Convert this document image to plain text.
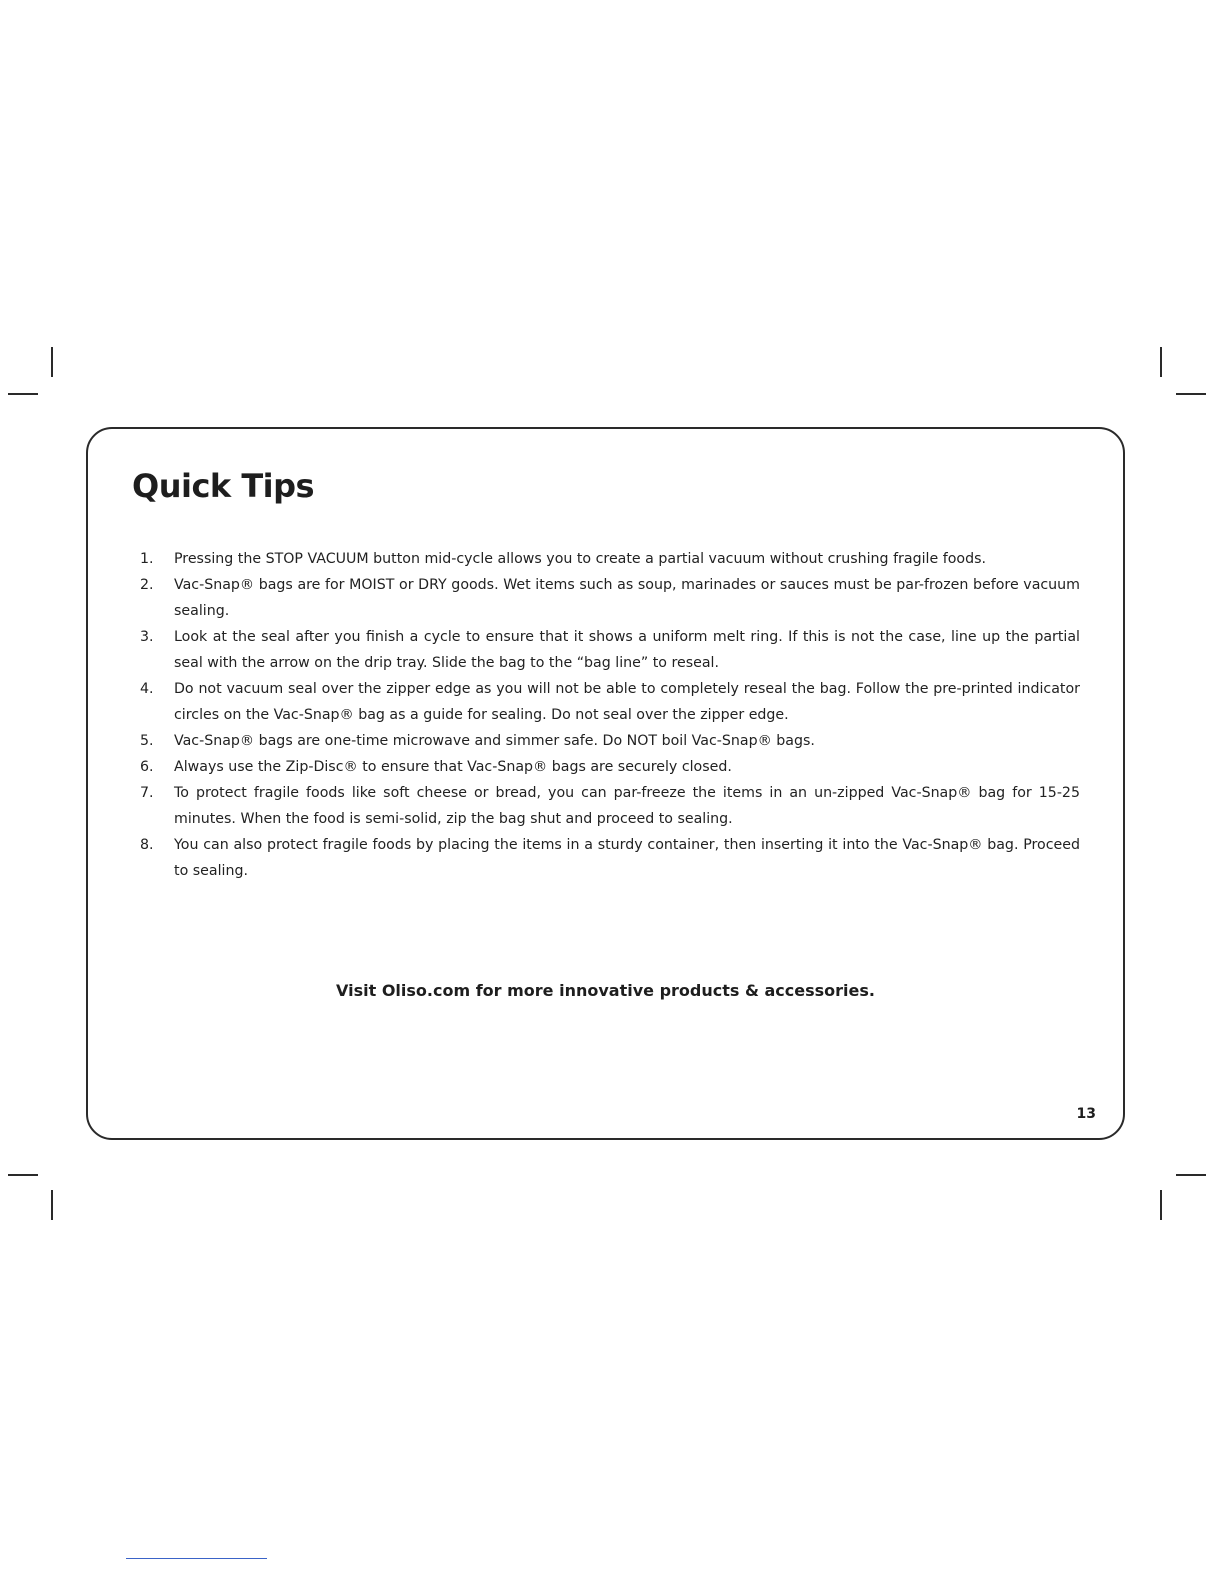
Quick Tips
1.	Pressing the STOP VACUUM button mid-cycle allows you to create a partial vacuum without crushing fragile foods.
2.	Vac-Snap® bags are for MOIST or DRY goods. Wet items such as soup, marinades or sauces must be par-frozen before vacuum sealing.
3.	Look at the seal after you finish a cycle to ensure that it shows a uniform melt ring. If this is not the case, line up the partial seal with the arrow on the drip tray. Slide the bag to the “bag line” to reseal.
4.	Do not vacuum seal over the zipper edge as you will not be able to completely reseal the bag. Follow the pre-printed indicator circles on the Vac-Snap® bag as a guide for sealing. Do not seal over the zipper edge.
5.	Vac-Snap® bags are one-time microwave and simmer safe. Do NOT boil Vac-Snap® bags.
6.	Always use the Zip-Disc® to ensure that Vac-Snap® bags are securely closed.
7.	To protect fragile foods like soft cheese or bread, you can par-freeze the items in an un-zipped Vac-Snap® bag for 15-25 minutes. When the food is semi-solid, zip the bag shut and proceed to sealing.
8.	You can also protect fragile foods by placing the items in a sturdy container, then inserting it into the Vac-Snap® bag. Proceed to sealing.

Visit Oliso.com for more innovative products & accessories.

13
